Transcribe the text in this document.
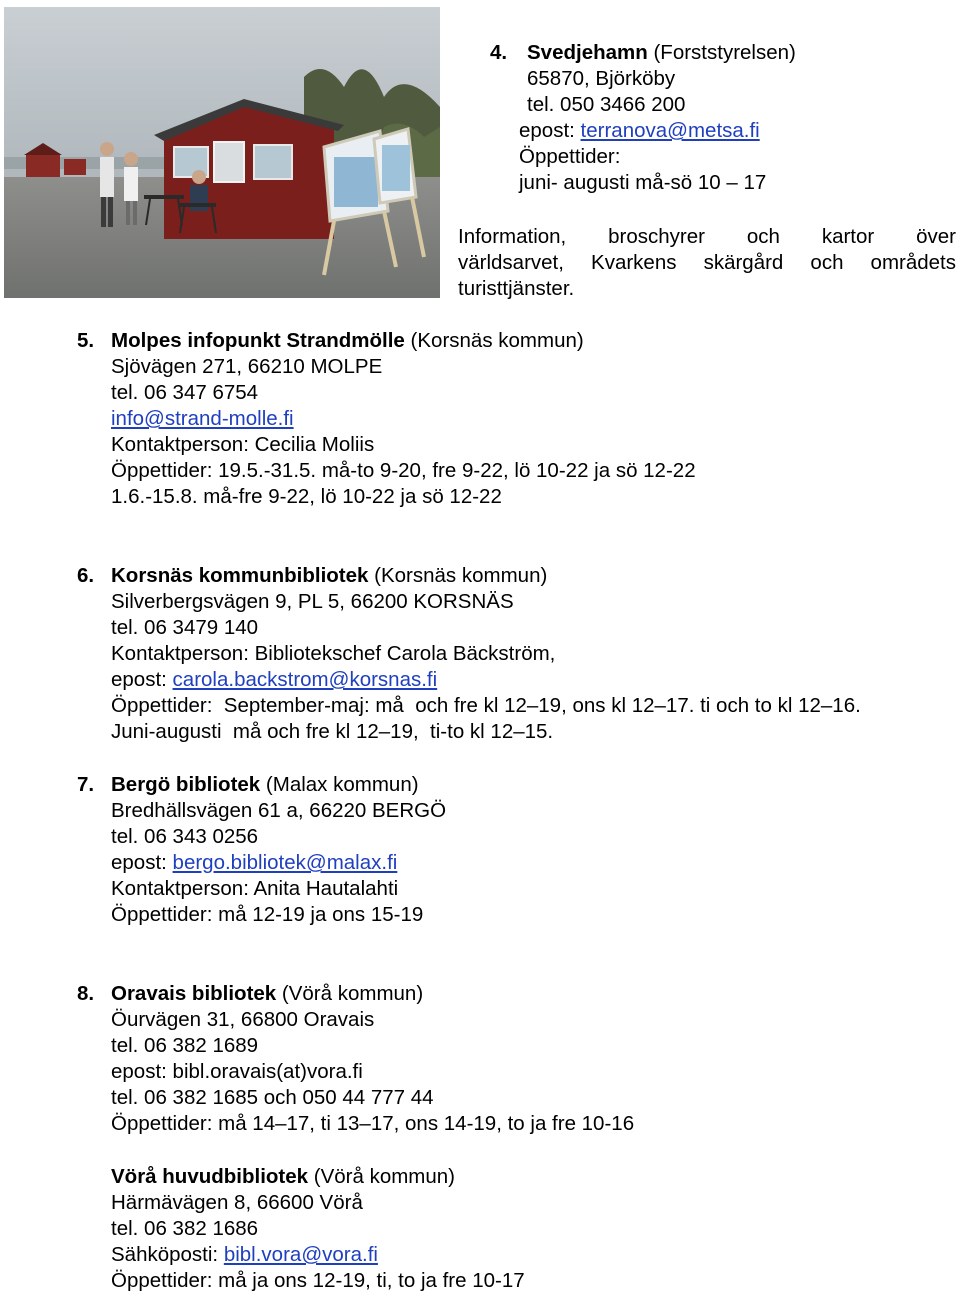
4. Svedjehamn (Forststyrelsen)
65870, Björköby
tel. 050 3466 200
epost: terranova@metsa.fi
Öppettider:
juni- augusti må-sö 10 – 17
Information, broschyrer och kartor över
världsarvet, Kvarkens skärgård och områdets
turisttjänster.
5. Molpes infopunkt Strandmölle (Korsnäs kommun)
Sjövägen 271, 66210 MOLPE
tel. 06 347 6754
info@strand-molle.fi
Kontaktperson: Cecilia Moliis
Öppettider: 19.5.-31.5. må-to 9-20, fre 9-22, lö 10-22 ja sö 12-22
1.6.-15.8. må-fre 9-22, lö 10-22 ja sö 12-22
6. Korsnäs kommunbibliotek (Korsnäs kommun)
Silverbergsvägen 9, PL 5, 66200 KORSNÄS
tel. 06 3479 140
Kontaktperson: Bibliotekschef Carola Bäckström,
epost: carola.backstrom@korsnas.fi
Öppettider:  September-maj: må  och fre kl 12–19, ons kl 12–17. ti och to kl 12–16.
Juni-augusti  må och fre kl 12–19,  ti-to kl 12–15.
7. Bergö bibliotek (Malax kommun)
Bredhällsvägen 61 a, 66220 BERGÖ
tel. 06 343 0256
epost: bergo.bibliotek@malax.fi
Kontaktperson: Anita Hautalahti
Öppettider: må 12-19 ja ons 15-19
8. Oravais bibliotek (Vörå kommun)
Öurvägen 31, 66800 Oravais
tel. 06 382 1689
epost: bibl.oravais(at)vora.fi
tel. 06 382 1685 och 050 44 777 44
Öppettider: må 14–17, ti 13–17, ons 14-19, to ja fre 10-16
Vörå huvudbibliotek (Vörå kommun)
Härmävägen 8, 66600 Vörå
tel. 06 382 1686
Sähköposti: bibl.vora@vora.fi
Öppettider: må ja ons 12-19, ti, to ja fre 10-17
